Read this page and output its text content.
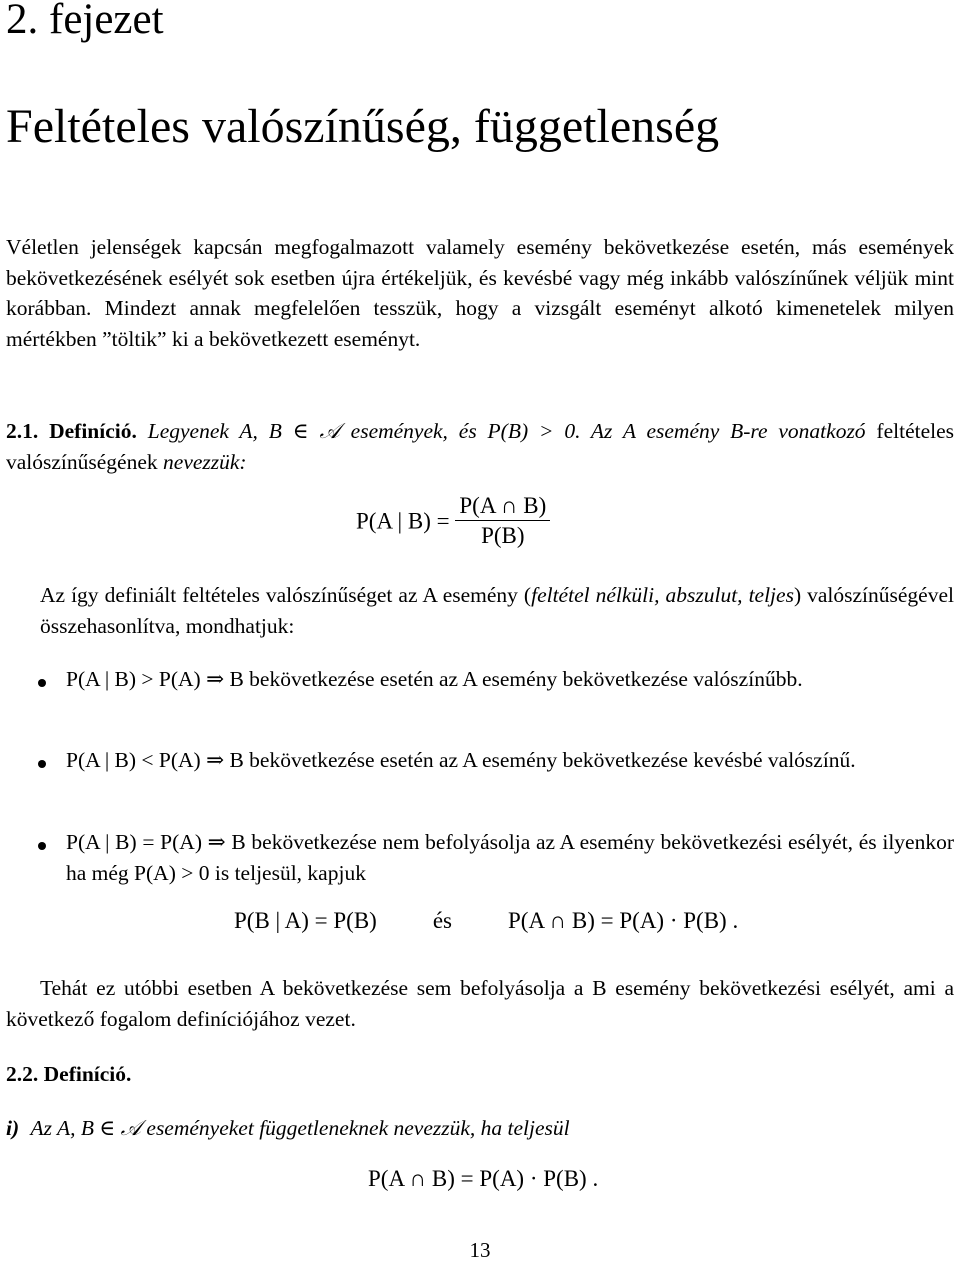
2. fejezet
Feltételes valószínűség, függetlenség
Véletlen jelenségek kapcsán megfogalmazott valamely esemény bekövetkezése esetén, más események bekövetkezésének esélyét sok esetben újra értékeljük, és kevésbé vagy még inkább valószínűnek véljük mint korábban. Mindezt annak megfelelően tesszük, hogy a vizsgált eseményt alkotó kimenetelek milyen mértékben ”töltik” ki a bekövetkezett eseményt.
2.1. Definíció. Legyenek A, B ∈ 𝒜 események, és P(B) > 0. Az A esemény B-re vonatkozó feltételes valószínűségének nevezzük:
P(A | $B) = \frac{P(A \cap B)}{P(B)}$
Az így definiált feltételes valószínűséget az A esemény (feltétel nélküli, abszulut, teljes) valószínűségével összehasonlítva, mondhatjuk:
P(A | B) > P(A) ⇒ B bekövetkezése esetén az A esemény bekövetkezése valószínűbb.
P(A | B) < P(A) ⇒ B bekövetkezése esetén az A esemény bekövetkezése kevésbé valószínű.
P(A | B) = P(A) ⇒ B bekövetkezése nem befolyásolja az A esemény bekövetkezési esélyét, és ilyenkor ha még P(A) > 0 is teljesül, kapjuk
P(B | A) = P(B) és P(A ∩ B) = P(A) · P(B) .
Tehát ez utóbbi esetben A bekövetkezése sem befolyásolja a B esemény bekövetkezési esélyét, ami a következő fogalom definíciójához vezet.
2.2. Definíció.
i) Az A, B ∈ 𝒜 eseményeket függetleneknek nevezzük, ha teljesül
P(A ∩ B) = P(A) · P(B) .
13
